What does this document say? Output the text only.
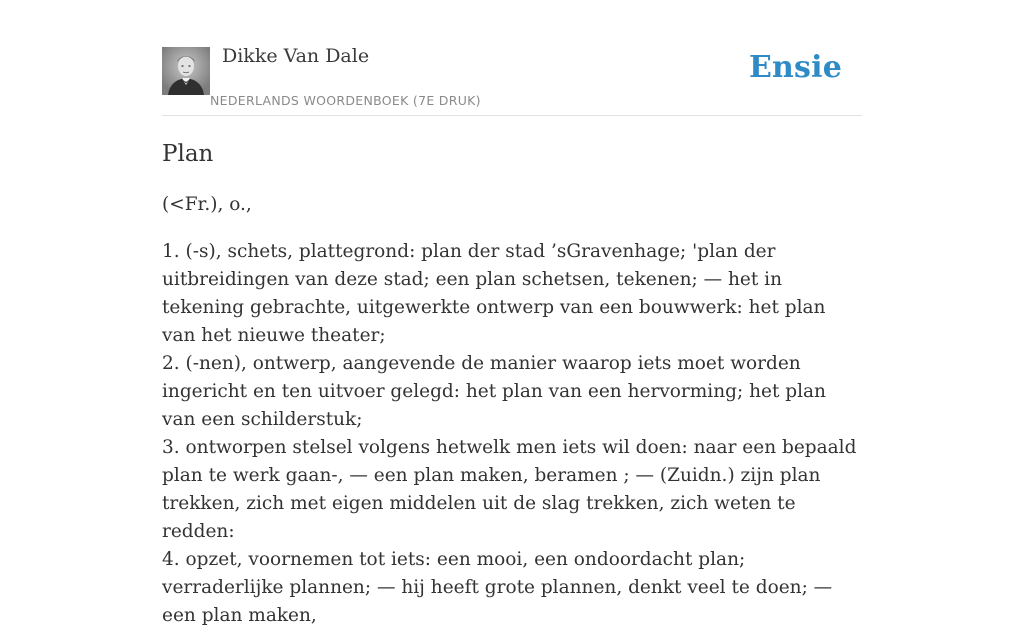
Dikke Van Dale
NEDERLANDS WOORDENBOEK (7E DRUK)
Ensie
Plan

(<Fr.), o.,

1. (-s), schets, plattegrond: plan der stad ’sGravenhage; 'plan der uitbreidingen van deze stad; een plan schetsen, tekenen; — het in tekening gebrachte, uitgewerkte ontwerp van een bouwwerk: het plan van het nieuwe theater;
2. (-nen), ontwerp, aangevende de manier waarop iets moet worden ingericht en ten uitvoer gelegd: het plan van een hervorming; het plan van een schilderstuk;
3. ontworpen stelsel volgens hetwelk men iets wil doen: naar een bepaald plan te werk gaan-, — een plan maken, beramen ; — (Zuidn.) zijn plan trekken, zich met eigen middelen uit de slag trekken, zich weten te redden:
4. opzet, voornemen tot iets: een mooi, een ondoordacht plan; verraderlijke plannen; — hij heeft grote plannen, denkt veel te doen; — een plan maken,
